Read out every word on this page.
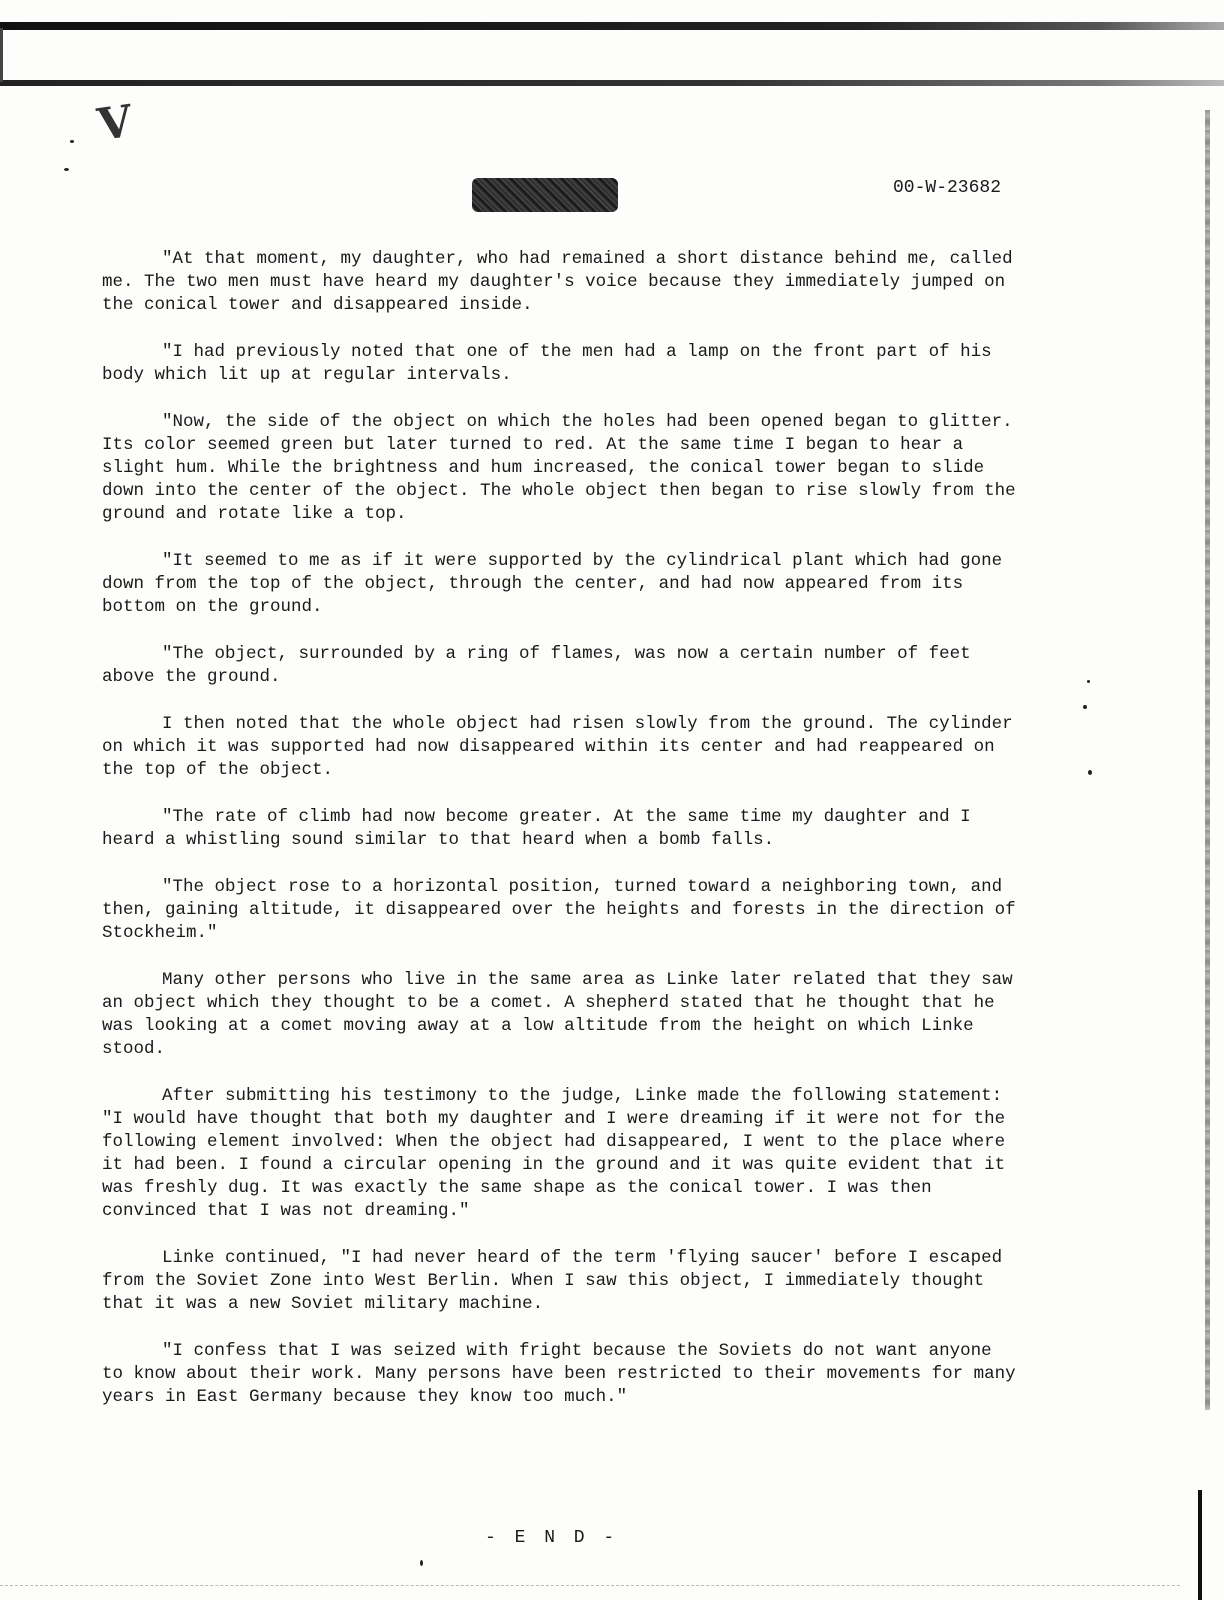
V
00-W-23682

"At that moment, my daughter, who had remained a short distance behind me, called me. The two men must have heard my daughter's voice because they immediately jumped on the conical tower and disappeared inside.

"I had previously noted that one of the men had a lamp on the front part of his body which lit up at regular intervals.

"Now, the side of the object on which the holes had been opened began to glitter. Its color seemed green but later turned to red. At the same time I began to hear a slight hum. While the brightness and hum increased, the conical tower began to slide down into the center of the object. The whole object then began to rise slowly from the ground and rotate like a top.

"It seemed to me as if it were supported by the cylindrical plant which had gone down from the top of the object, through the center, and had now appeared from its bottom on the ground.

"The object, surrounded by a ring of flames, was now a certain number of feet above the ground.

I then noted that the whole object had risen slowly from the ground. The cylinder on which it was supported had now disappeared within its center and had reappeared on the top of the object.

"The rate of climb had now become greater. At the same time my daughter and I heard a whistling sound similar to that heard when a bomb falls.

"The object rose to a horizontal position, turned toward a neighboring town, and then, gaining altitude, it disappeared over the heights and forests in the direction of Stockheim."

Many other persons who live in the same area as Linke later related that they saw an object which they thought to be a comet. A shepherd stated that he thought that he was looking at a comet moving away at a low altitude from the height on which Linke stood.

After submitting his testimony to the judge, Linke made the following statement: "I would have thought that both my daughter and I were dreaming if it were not for the following element involved: When the object had disappeared, I went to the place where it had been. I found a circular opening in the ground and it was quite evident that it was freshly dug. It was exactly the same shape as the conical tower. I was then convinced that I was not dreaming."

Linke continued, "I had never heard of the term 'flying saucer' before I escaped from the Soviet Zone into West Berlin. When I saw this object, I immediately thought that it was a new Soviet military machine.

"I confess that I was seized with fright because the Soviets do not want anyone to know about their work. Many persons have been restricted to their movements for many years in East Germany because they know too much."

- E N D -
